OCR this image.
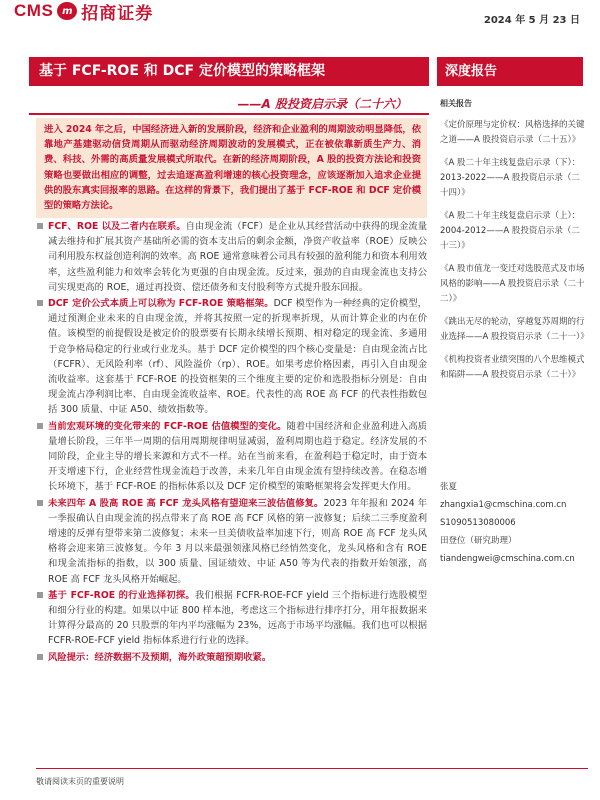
CMS m 招商证券	2024 年 5 月 23 日
基于 FCF-ROE 和 DCF 定价模型的策略框架
——A 股投资启示录（二十六）
深度报告
相关报告
《定价原理与定价权：风格选择的关键之道——A 股投资启示录（二十五）》
《A 股二十年主线复盘启示录（下）：2013-2022——A 股投资启示录（二十四）》
《A 股二十年主线复盘启示录（上）：2004-2012——A 股投资启示录（二十三）》
《A 股市值龙一变迁对选股范式及市场风格的影响——A 股投资启示录（二十二）》
《跳出无尽的轮动，穿越复苏周期的行业选择——A 股投资启示录（二十一）》
《机构投资者业绩突围的八个思维模式和陷阱——A 股投资启示录（二十）》
张夏
zhangxia1@cmschina.com.cn
S1090513080006
田登位（研究助理）
tiandengwei@cmschina.com.cn
进入 2024 年之后，中国经济进入新的发展阶段，经济和企业盈利的周期波动明显降低，依靠地产基建驱动信贷周期从而驱动经济周期波动的发展模式，正在被依靠新质生产力、消费、科技、外需的高质量发展模式所取代。在新的经济周期阶段，A 股的投资方法论和投资策略也要做出相应的调整，过去追逐高盈利增速的核心投资理念，应该逐渐加入追求企业提供的股东真实回报率的思路。在这样的背景下，我们提出了基于 FCF-ROE 和 DCF 定价模型的策略方法论。
FCF、ROE 以及二者内在联系。自由现金流（FCF）是企业从其经营活动中获得的现金流量减去维持和扩展其资产基础所必需的资本支出后的剩余金额，净资产收益率（ROE）反映公司利用股东权益创造利润的效率。高 ROE 通常意味着公司具有较强的盈利能力和资本利用效率，这些盈利能力和效率会转化为更强的自由现金流。反过来，强劲的自由现金流也支持公司实现更高的 ROE，通过再投资、偿还债务和支付股利等方式提升股东回报。
DCF 定价公式本质上可以称为 FCF-ROE 策略框架。DCF 模型作为一种经典的定价模型，通过预测企业未来的自由现金流，并将其按照一定的折现率折现，从而计算企业的内在价值。该模型的前提假设是被定价的股票要有长期永续增长预期、相对稳定的现金流、多通用于竞争格局稳定的行业或行业龙头。基于 DCF 定价模型的四个核心变量是：自由现金流占比（FCFR）、无风险利率（rf）、风险溢价（rp）、ROE。如果考虑价格因素，再引入自由现金流收益率。这套基于 FCF-ROE 的投资框架的三个维度主要的定价和选股指标分别是：自由现金流占净利润比率、自由现金流收益率、ROE。代表性的高 ROE 高 FCF 的代表性指数包括 300 质量、中证 A50、绩效指数等。
当前宏观环境的变化带来的 FCF-ROE 估值模型的变化。随着中国经济和企业盈利进入高质量增长阶段，三年半一周期的信用周期规律明显减弱，盈利周期也趋于稳定。经济发展的不同阶段，企业主导的增长来源和方式不一样。站在当前来看，在盈利趋于稳定时，由于资本开支增速下行，企业经营性现金流趋于改善，未来几年自由现金流有望持续改善。在稳态增长环境下，基于 FCF-ROE 的指标体系以及 DCF 定价模型的策略框架将会发挥更大作用。
未来四年 A 股高 ROE 高 FCF 龙头风格有望迎来三波估值修复。2023 年年报和 2024 年一季报确认自由现金流的拐点带来了高 ROE 高 FCF 风格的第一波修复；后续二三季度盈利增速的反弹有望带来第二波修复；未来一旦美债收益率加速下行，则高 ROE 高 FCF 龙头风格将会迎来第三波修复。今年 3 月以来最强领涨风格已经悄然变化，龙头风格和含有 ROE 和现金流指标的指数，以 300 质量、国证绩效、中证 A50 等为代表的指数开始领涨，高 ROE 高 FCF 龙头风格开始崛起。
基于 FCF-ROE 的行业选择初探。我们根据 FCFR-ROE-FCF yield 三个指标进行选股模型和细分行业的构建。如果以中证 800 样本池，考虑这三个指标进行排序打分，用年报数据来计算得分最高的 20 只股票的年内平均涨幅为 23%，远高于市场平均涨幅。我们也可以根据 FCFR-ROE-FCF yield 指标体系进行行业的选择。
风险提示：经济数据不及预期，海外政策超预期收紧。
敬请阅读末页的重要说明
